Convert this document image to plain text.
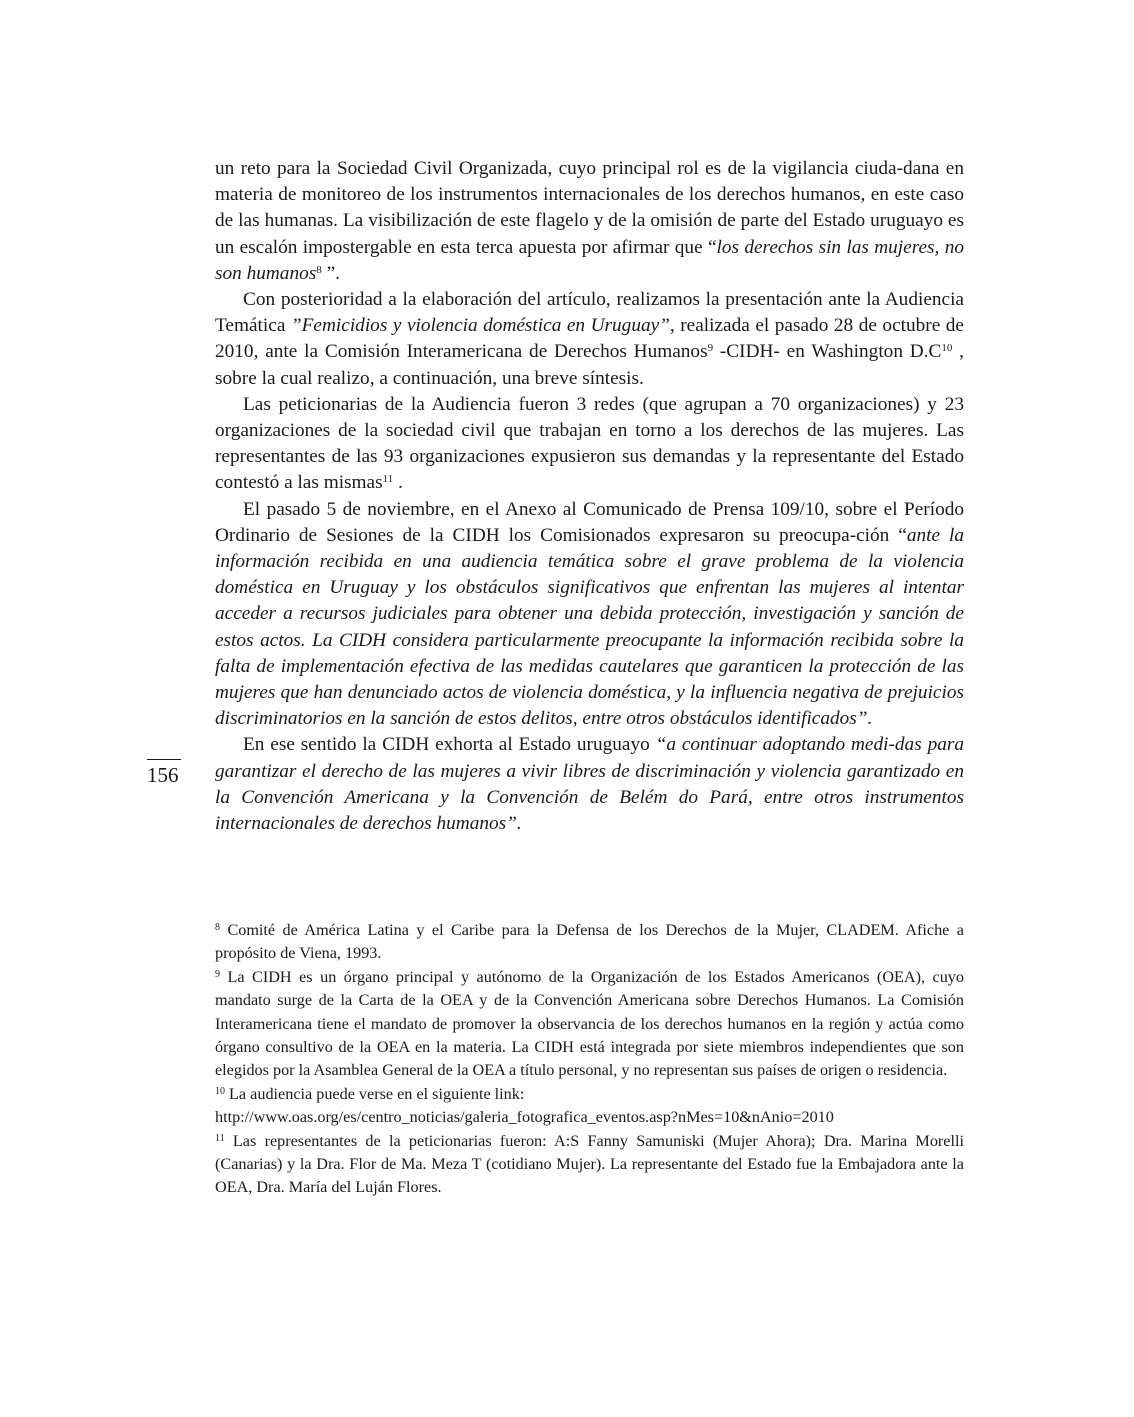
un reto para la Sociedad Civil Organizada, cuyo principal rol es de la vigilancia ciuda-dana en materia de monitoreo de los instrumentos internacionales de los derechos humanos, en este caso de las humanas. La visibilización de este flagelo y de la omisión de parte del Estado uruguayo es un escalón impostergable en esta terca apuesta por afirmar que “los derechos sin las mujeres, no son humanos$^8$ ”.

Con posterioridad a la elaboración del artículo, realizamos la presentación ante la Audiencia Temática ”Femicidios y violencia doméstica en Uruguay”, realizada el pasado 28 de octubre de 2010, ante la Comisión Interamericana de Derechos Humanos$^9$ -CIDH- en Washington D.C$^{10}$ , sobre la cual realizo, a continuación, una breve síntesis.

Las peticionarias de la Audiencia fueron 3 redes (que agrupan a 70 organizaciones) y 23 organizaciones de la sociedad civil que trabajan en torno a los derechos de las mujeres. Las representantes de las 93 organizaciones expusieron sus demandas y la representante del Estado contestó a las mismas$^{11}$ .

El pasado 5 de noviembre, en el Anexo al Comunicado de Prensa 109/10, sobre el Período Ordinario de Sesiones de la CIDH los Comisionados expresaron su preocupa-ción “ante la información recibida en una audiencia temática sobre el grave problema de la violencia doméstica en Uruguay y los obstáculos significativos que enfrentan las mujeres al intentar acceder a recursos judiciales para obtener una debida protección, investigación y sanción de estos actos. La CIDH considera particularmente preocupante la información recibida sobre la falta de implementación efectiva de las medidas cautelares que garanticen la protección de las mujeres que han denunciado actos de violencia doméstica, y la influencia negativa de prejuicios discriminatorios en la sanción de estos delitos, entre otros obstáculos identificados”.

En ese sentido la CIDH exhorta al Estado uruguayo “a continuar adoptando medi-das para garantizar el derecho de las mujeres a vivir libres de discriminación y violencia garantizado en la Convención Americana y la Convención de Belém do Pará, entre otros instrumentos internacionales de derechos humanos”.

156

$^8$ Comité de América Latina y el Caribe para la Defensa de los Derechos de la Mujer, CLADEM. Afiche a propósito de Viena, 1993.

$^9$ La CIDH es un órgano principal y autónomo de la Organización de los Estados Americanos (OEA), cuyo mandato surge de la Carta de la OEA y de la Convención Americana sobre Derechos Humanos. La Comisión Interamericana tiene el mandato de promover la observancia de los derechos humanos en la región y actúa como órgano consultivo de la OEA en la materia. La CIDH está integrada por siete miembros independientes que son elegidos por la Asamblea General de la OEA a título personal, y no representan sus países de origen o residencia.

$^{10}$ La audiencia puede verse en el siguiente link:

http://www.oas.org/es/centro_noticias/galeria_fotografica_eventos.asp?nMes=10&nAnio=2010

$^{11}$ Las representantes de la peticionarias fueron: A:S Fanny Samuniski (Mujer Ahora); Dra. Marina Morelli (Canarias) y la Dra. Flor de Ma. Meza T (cotidiano Mujer). La representante del Estado fue la Embajadora ante la OEA, Dra. María del Luján Flores.
